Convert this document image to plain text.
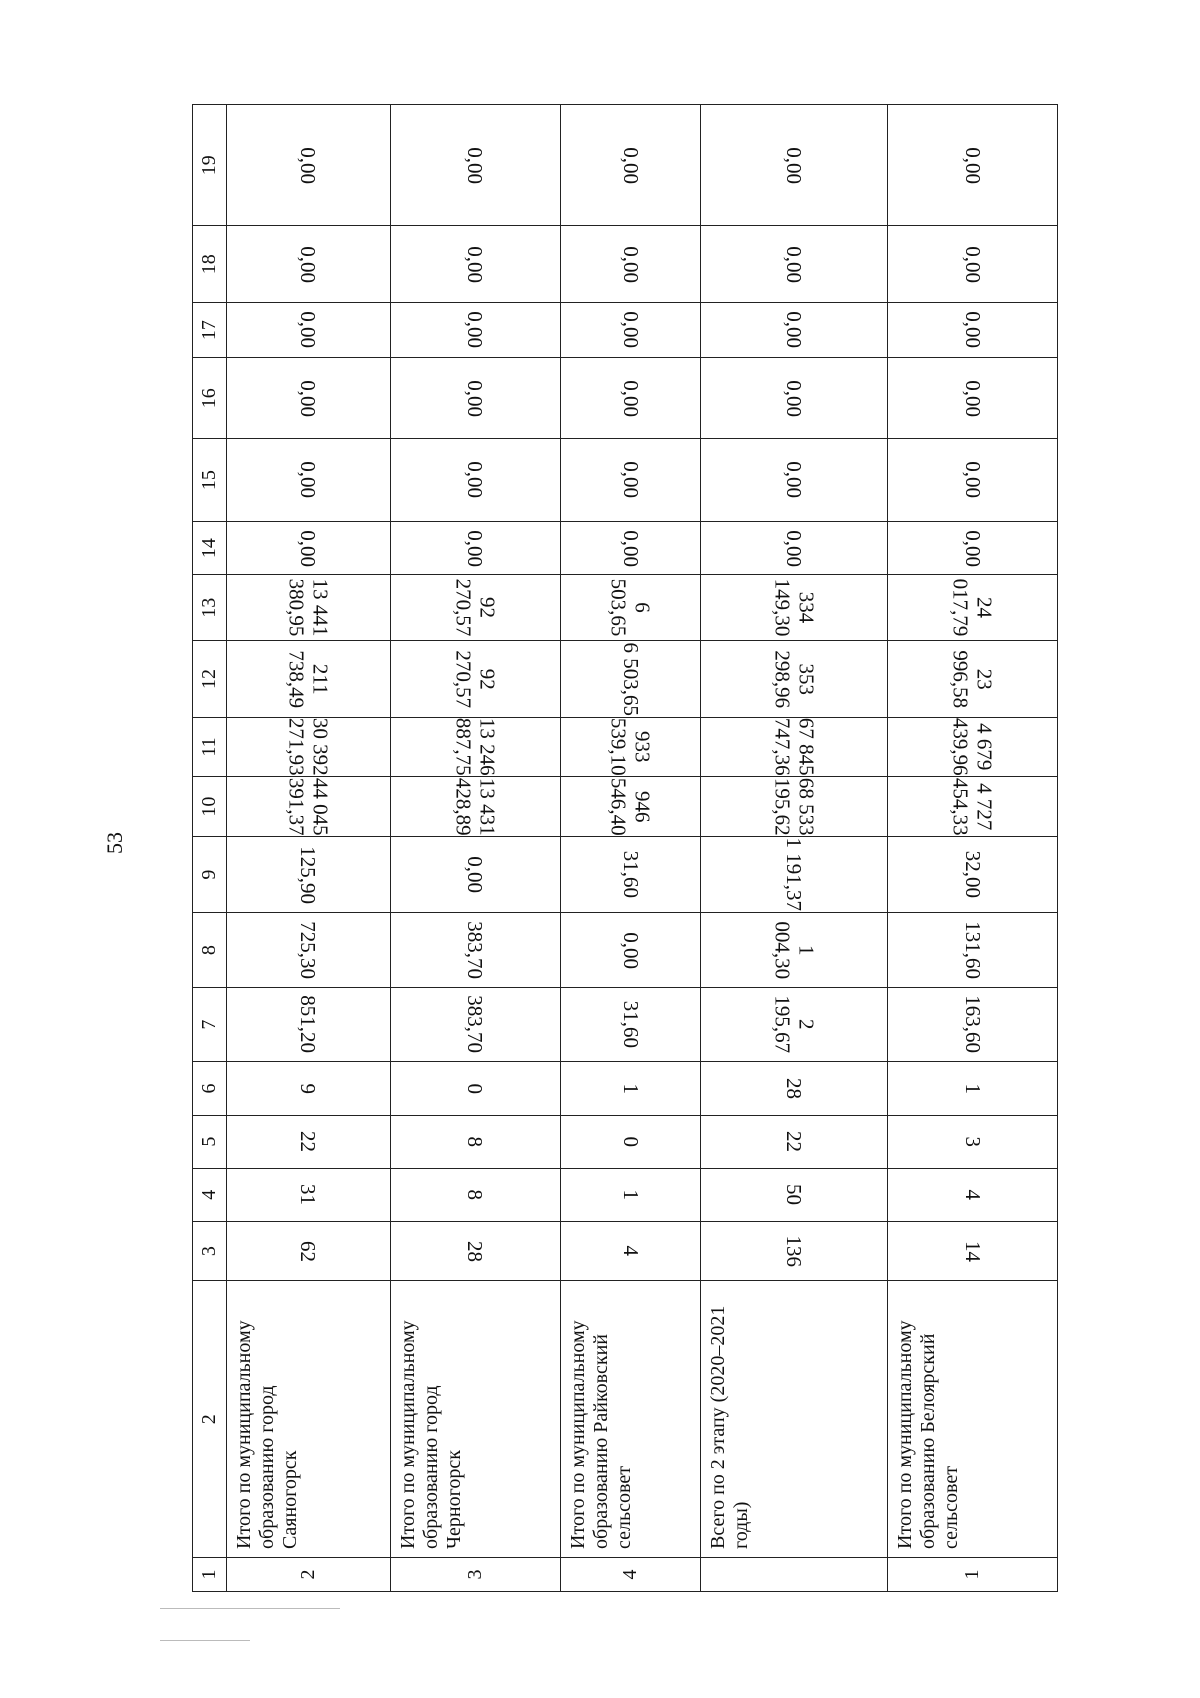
53
1	2	3	4	5	6	7	8	9	10	11	12	13	14	15	16	17	18	19
2	Итого по муниципальному образованию город Саяногорск	62	31	22	9	851,20	725,30	125,90	44 045 391,37	30 392 271,93	211 738,49	13 441 380,95	0,00	0,00	0,00	0,00	0,00	0,00
3	Итого по муниципальному образованию город Черногорск	28	8	8	0	383,70	383,70	0,00	13 431 428,89	13 246 887,75	92 270,57	92 270,57	0,00	0,00	0,00	0,00	0,00	0,00
4	Итого по муниципальному образованию Райковский сельсовет	4	1	0	1	31,60	0,00	31,60	946 546,40	933 539,10	6 503,65	6 503,65	0,00	0,00	0,00	0,00	0,00	0,00
	Всего по 2 этапу (2020–2021 годы)	136	50	22	28	2 195,67	1 004,30	1 191,37	68 533 195,62	67 845 747,36	353 298,96	334 149,30	0,00	0,00	0,00	0,00	0,00	0,00
1	Итого по муниципальному образованию Белоярский сельсовет	14	4	3	1	163,60	131,60	32,00	4 727 454,33	4 679 439,96	23 996,58	24 017,79	0,00	0,00	0,00	0,00	0,00	0,00
